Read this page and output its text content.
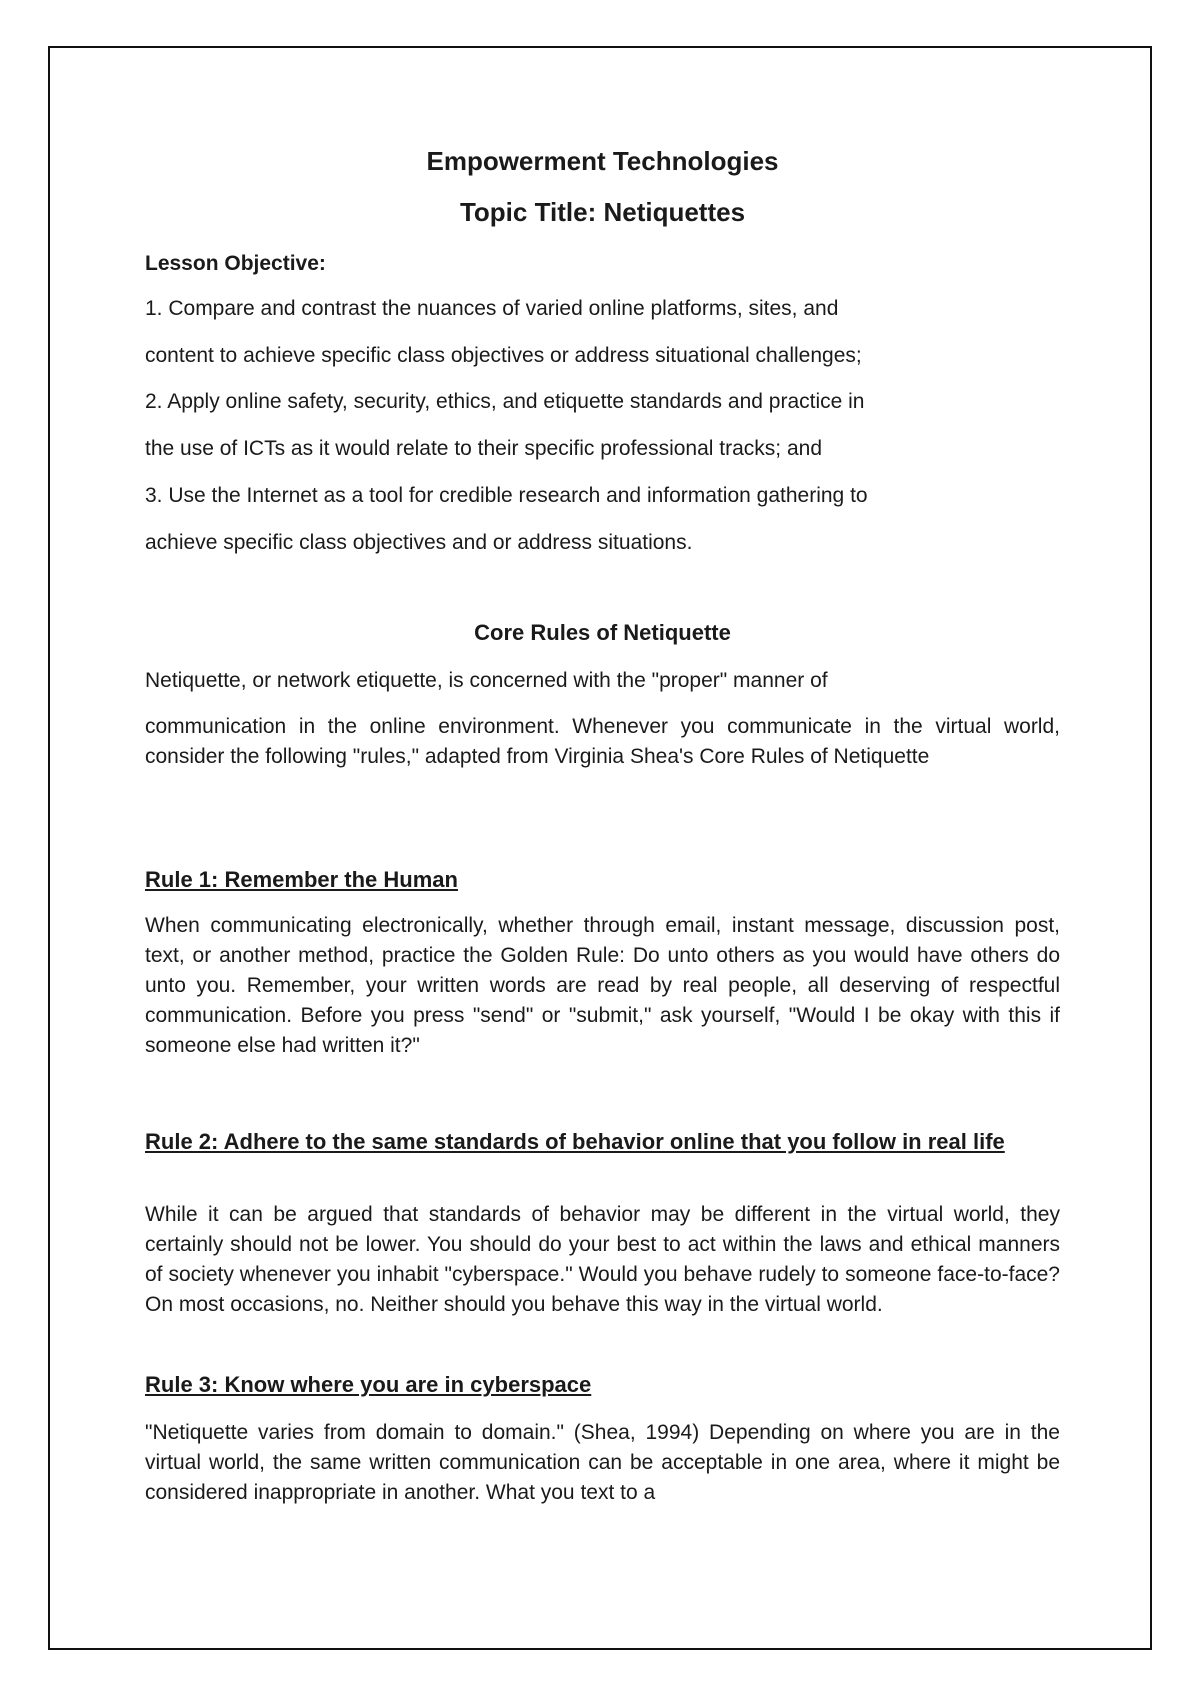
Empowerment Technologies
Topic Title: Netiquettes
Lesson Objective:
1. Compare and contrast the nuances of varied online platforms, sites, and
content to achieve specific class objectives or address situational challenges;
2. Apply online safety, security, ethics, and etiquette standards and practice in
the use of ICTs as it would relate to their specific professional tracks; and
3. Use the Internet as a tool for credible research and information gathering to
achieve specific class objectives and or address situations.
Core Rules of Netiquette
Netiquette, or network etiquette, is concerned with the "proper" manner of
communication in the online environment. Whenever you communicate in the virtual world, consider the following "rules," adapted from Virginia Shea's Core Rules of Netiquette
Rule 1: Remember the Human
When communicating electronically, whether through email, instant message, discussion post, text, or another method, practice the Golden Rule: Do unto others as you would have others do unto you. Remember, your written words are read by real people, all deserving of respectful communication. Before you press "send" or "submit," ask yourself, "Would I be okay with this if someone else had written it?"
Rule 2: Adhere to the same standards of behavior online that you follow in real life
While it can be argued that standards of behavior may be different in the virtual world, they certainly should not be lower. You should do your best to act within the laws and ethical manners of society whenever you inhabit "cyberspace." Would you behave rudely to someone face-to-face? On most occasions, no. Neither should you behave this way in the virtual world.
Rule 3: Know where you are in cyberspace
"Netiquette varies from domain to domain." (Shea, 1994) Depending on where you are in the virtual world, the same written communication can be acceptable in one area, where it might be considered inappropriate in another. What you text to a
